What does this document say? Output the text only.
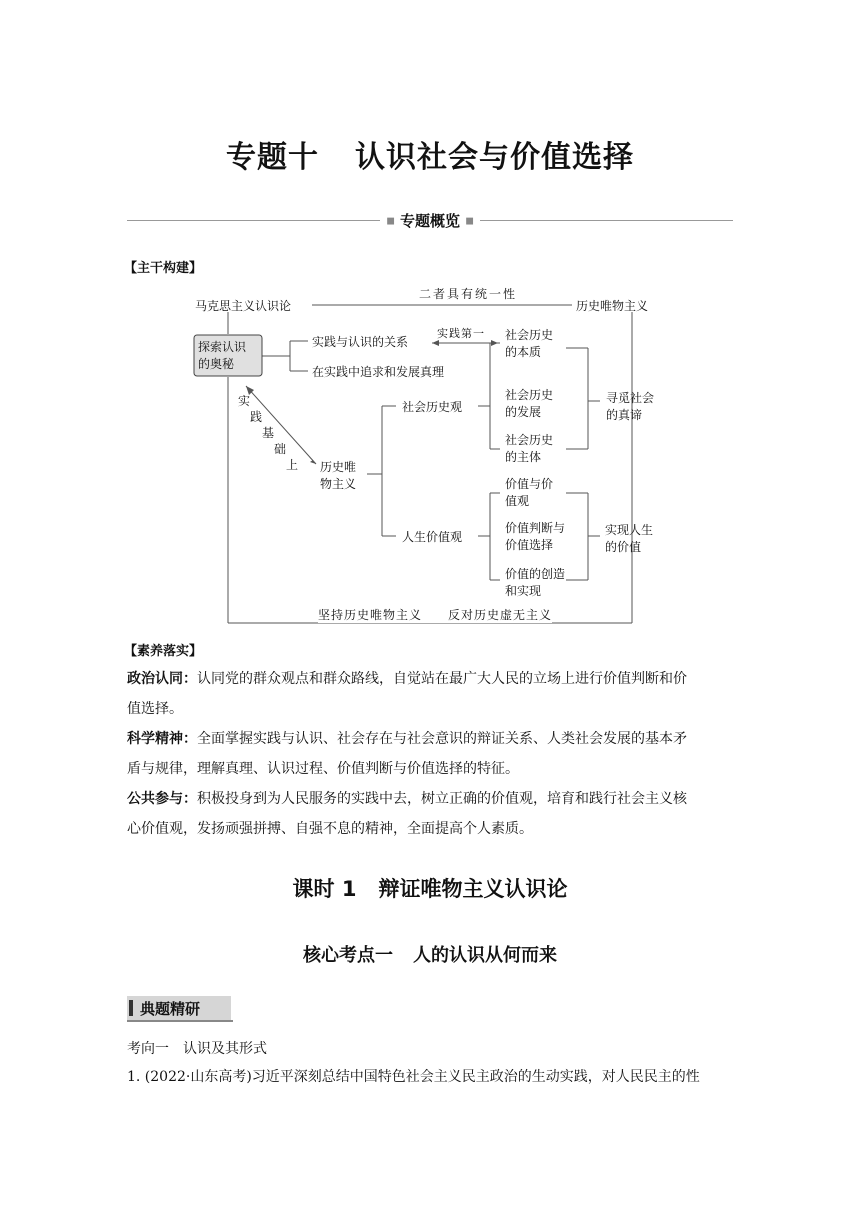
专题十 认识社会与价值选择
■ 专题概览 ■
【主干构建】
马克思主义认识论
二者具有统一性
历史唯物主义
探索认识
的奥秘
实践与认识的关系
实践第一
在实践中追求和发展真理
社会历史
的本质
社会历史观
社会历史
的发展
寻觅社会
的真谛
社会历史
的主体
实
践
基
础
上 历史唯
物主义	价值与价
值观
人生价值观
价值判断与
价值选择
实现人生
的价值
价值的创造
和实现
坚持历史唯物主义　　反对历史虚无主义
【素养落实】
政治认同：认同党的群众观点和群众路线，自觉站在最广大人民的立场上进行价值判断和价
值选择。
科学精神：全面掌握实践与认识、社会存在与社会意识的辩证关系、人类社会发展的基本矛
盾与规律，理解真理、认识过程、价值判断与价值选择的特征。
公共参与：积极投身到为人民服务的实践中去，树立正确的价值观，培育和践行社会主义核
心价值观，发扬顽强拼搏、自强不息的精神，全面提高个人素质。
课时 1 辩证唯物主义认识论
核心考点一 人的认识从何而来
典题精研
考向一 认识及其形式
1. (2022·山东高考)习近平深刻总结中国特色社会主义民主政治的生动实践，对人民民主的性
